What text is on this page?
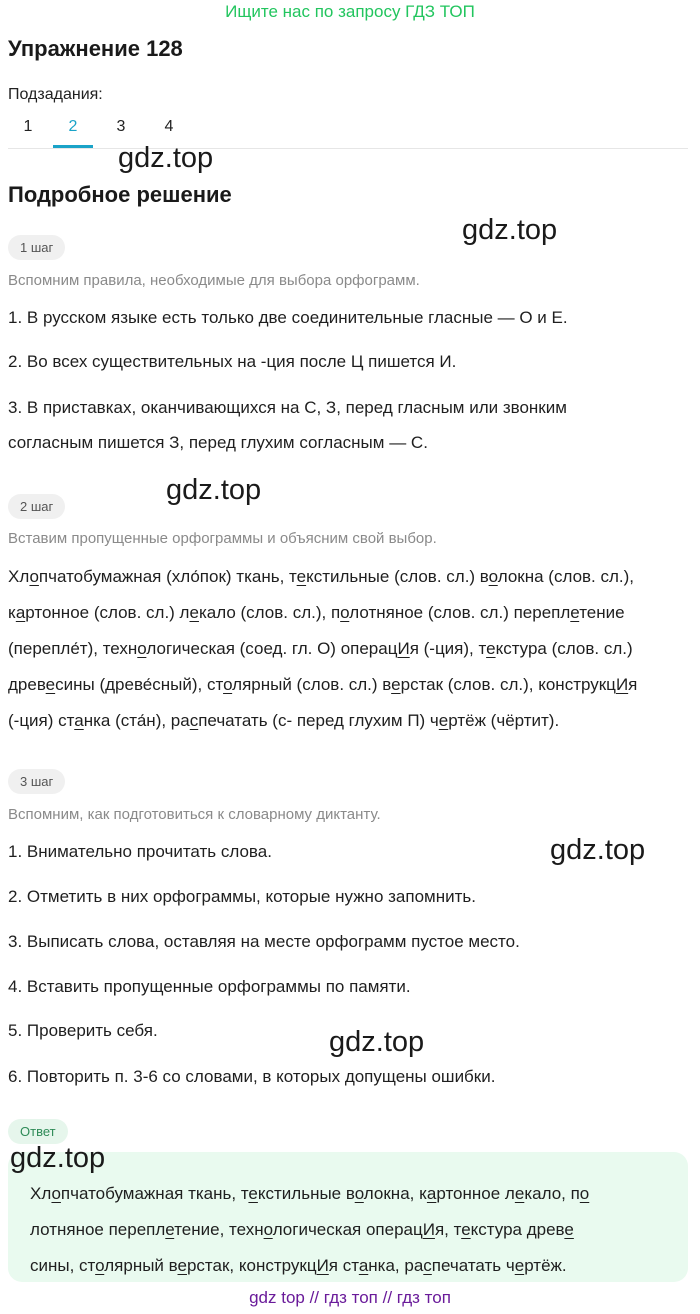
Ищите нас по запросу ГДЗ ТОП
Упражнение 128
Подзадания:
1	2	3	4
gdz.top
Подробное решение
gdz.top
1 шаг
Вспомним правила, необходимые для выбора орфограмм.
1. В русском языке есть только две соединительные гласные — О и Е.
2. Во всех существительных на -ция после Ц пишется И.
3. В приставках, оканчивающихся на С, З, перед гласным или звонким
согласным пишется З, перед глухим согласным — С.
gdz.top
2 шаг
Вставим пропущенные орфограммы и объясним свой выбор.
Хлопчатобумажная (хло́пок) ткань, текстильные (слов. сл.) волокна (слов. сл.),
картонное (слов. сл.) лекало (слов. сл.), полотняное (слов. сл.) переплетение
(перепле́т), технологическая (соед. гл. О) операцИя (-ция), текстура (слов. сл.)
древесины (древе́сный), столярный (слов. сл.) верстак (слов. сл.), конструкцИя
(-ция) станка (ста́н), распечатать (с- перед глухим П) чертёж (чёртит).
3 шаг
Вспомним, как подготовиться к словарному диктанту.
1. Внимательно прочитать слова.
2. Отметить в них орфограммы, которые нужно запомнить.
3. Выписать слова, оставляя на месте орфограмм пустое место.
4. Вставить пропущенные орфограммы по памяти.
5. Проверить себя.
6. Повторить п. 3-6 со словами, в которых допущены ошибки.
gdz.top
gdz.top
Ответ
Хлопчатобумажная ткань, текстильные волокна, картонное лекало, по
лотняное переплетение, технологическая операцИя, текстура древе
сины, столярный верстак, конструкцИя станка, распечатать чертёж.
gdz.top
gdz top // гдз топ // гдз топ
